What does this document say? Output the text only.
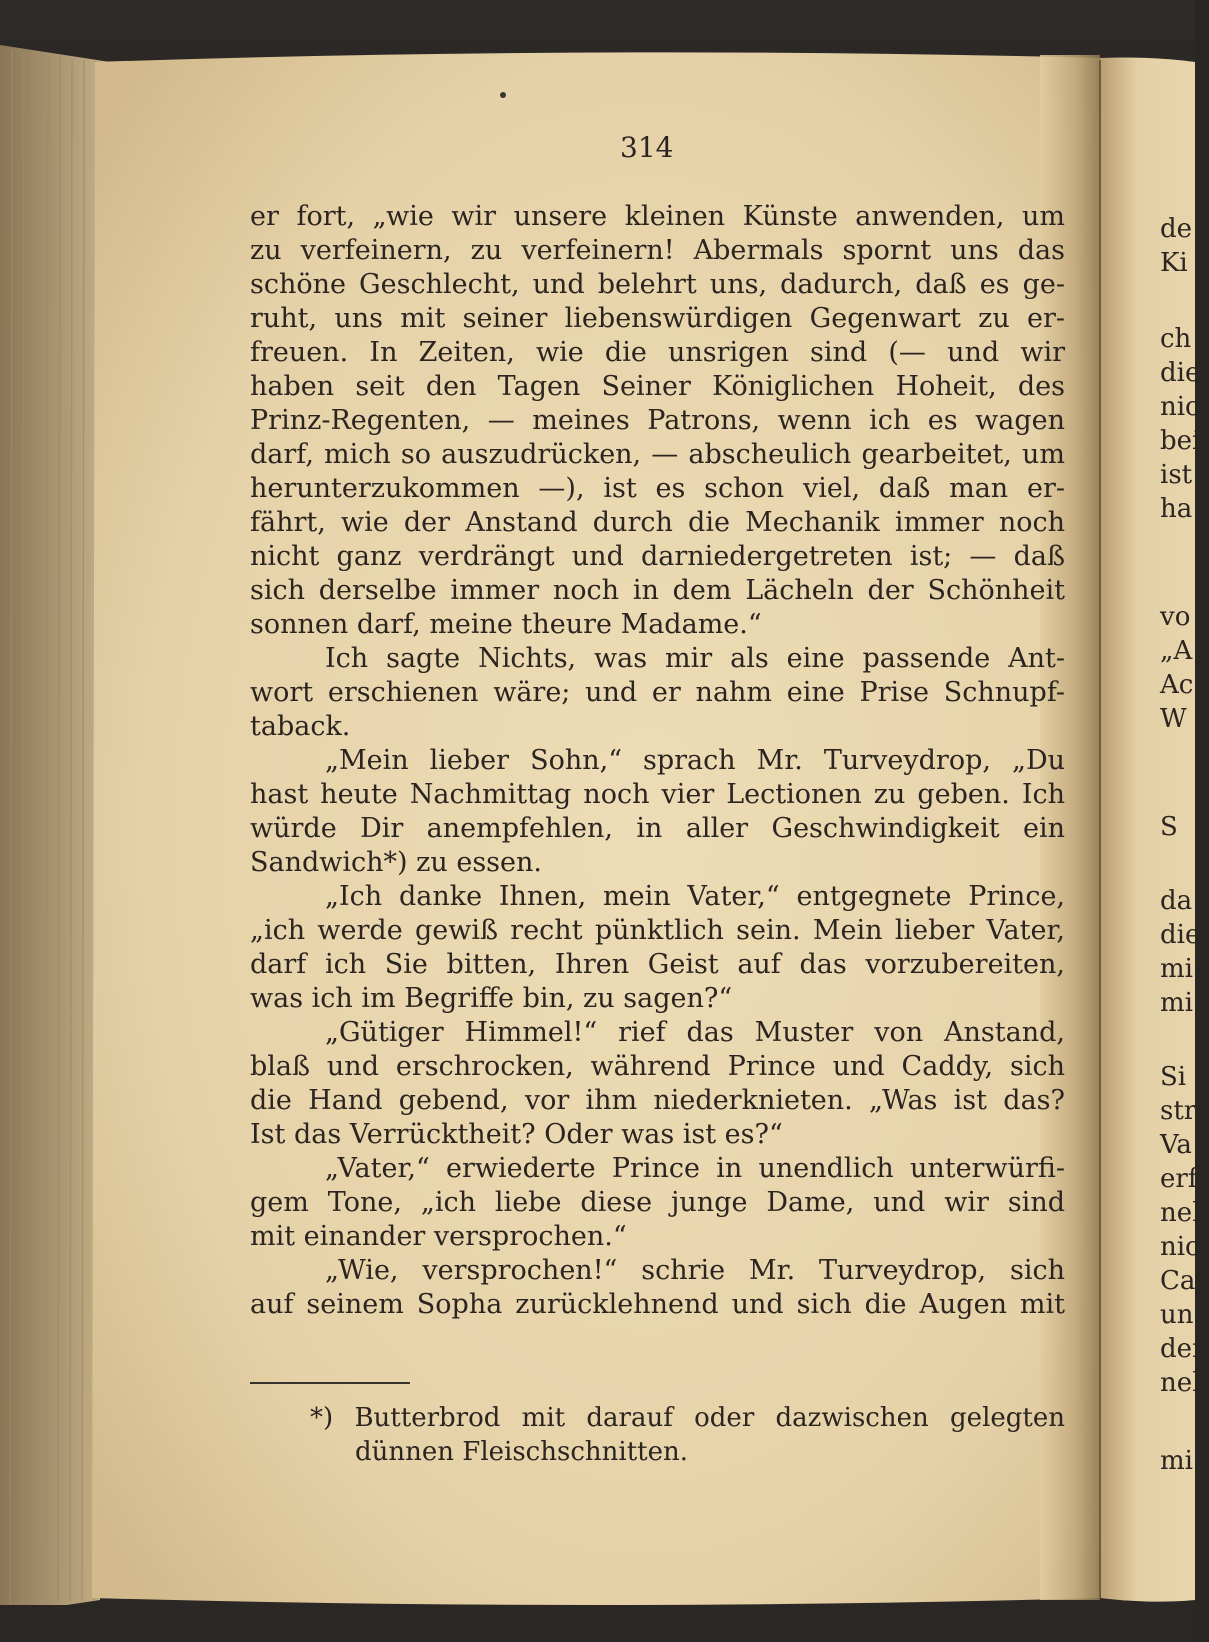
314
er fort, „wie wir unsere kleinen Künste anwenden, um
zu verfeinern, zu verfeinern! Abermals spornt uns das
schöne Geschlecht, und belehrt uns, dadurch, daß es ge-
ruht, uns mit seiner liebenswürdigen Gegenwart zu er-
freuen. In Zeiten, wie die unsrigen sind (— und wir
haben seit den Tagen Seiner Königlichen Hoheit, des
Prinz-Regenten, — meines Patrons, wenn ich es wagen
darf, mich so auszudrücken, — abscheulich gearbeitet, um
herunterzukommen —), ist es schon viel, daß man er-
fährt, wie der Anstand durch die Mechanik immer noch
nicht ganz verdrängt und darniedergetreten ist; — daß
sich derselbe immer noch in dem Lächeln der Schönheit
sonnen darf, meine theure Madame.“
Ich sagte Nichts, was mir als eine passende Ant-
wort erschienen wäre; und er nahm eine Prise Schnupf-
taback.
„Mein lieber Sohn,“ sprach Mr. Turveydrop, „Du
hast heute Nachmittag noch vier Lectionen zu geben. Ich
würde Dir anempfehlen, in aller Geschwindigkeit ein
Sandwich*) zu essen.
„Ich danke Ihnen, mein Vater,“ entgegnete Prince,
„ich werde gewiß recht pünktlich sein. Mein lieber Vater,
darf ich Sie bitten, Ihren Geist auf das vorzubereiten,
was ich im Begriffe bin, zu sagen?“
„Gütiger Himmel!“ rief das Muster von Anstand,
blaß und erschrocken, während Prince und Caddy, sich
die Hand gebend, vor ihm niederknieten. „Was ist das?
Ist das Verrücktheit? Oder was ist es?“
„Vater,“ erwiederte Prince in unendlich unterwürfi-
gem Tone, „ich liebe diese junge Dame, und wir sind
mit einander versprochen.“
„Wie, versprochen!“ schrie Mr. Turveydrop, sich
auf seinem Sopha zurücklehnend und sich die Augen mit
*) Butterbrod mit darauf oder dazwischen gelegten
dünnen Fleischschnitten.
de
Ki
ch
die
nic
bei
ist
ha
vo
„A
Ac
W
S
da
die
mi
mi
Si
str
Va
erf
neh
nic
Ca
un
den
neh
mi
